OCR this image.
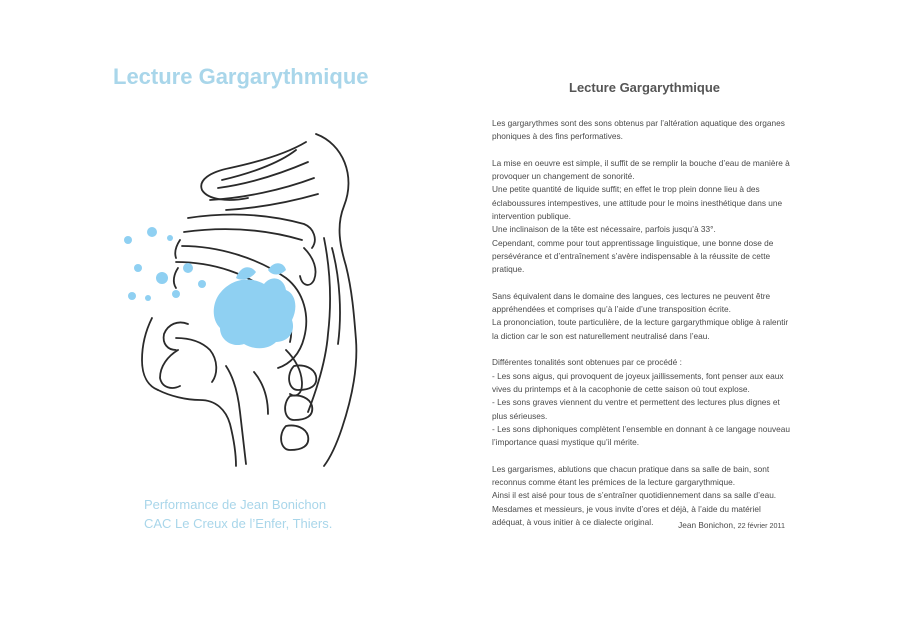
Lecture Gargarythmique
Performance de Jean Bonichon
CAC Le Creux de l’Enfer, Thiers.
Lecture Gargarythmique

Les gargarythmes sont des sons obtenus par l’altération aquatique des organes phoniques à des fins performatives.

La mise en oeuvre est simple, il suffit de se remplir la bouche d’eau de manière à provoquer un changement de sonorité.
Une petite quantité de liquide suffit; en effet le trop plein donne lieu à des éclaboussures intempestives, une attitude pour le moins inesthétique dans une intervention publique.
Une inclinaison de la tête est nécessaire, parfois jusqu’à 33°.
Cependant, comme pour tout apprentissage linguistique, une bonne dose de persévérance et d’entraînement s’avère indispensable à la réussite de cette pratique.

Sans équivalent dans le domaine des langues, ces lectures ne peuvent être appréhendées et comprises qu’à l’aide d’une transposition écrite.
La prononciation, toute particulière, de la lecture gargarythmique oblige à ralentir la diction car le son est naturellement neutralisé dans l’eau.

Différentes tonalités sont obtenues par ce procédé :
- Les sons aigus, qui provoquent de joyeux jaillissements, font penser aux eaux vives du printemps et à la cacophonie de cette saison où tout explose.
- Les sons graves viennent du ventre et permettent des lectures plus dignes et plus sérieuses.
- Les sons diphoniques complètent l’ensemble en donnant à ce langage nouveau l’importance quasi mystique qu’il mérite.

Les gargarismes, ablutions que chacun pratique dans sa salle de bain, sont reconnus comme étant les prémices de la lecture gargarythmique.
Ainsi il est aisé pour tous de s’entraîner quotidiennement dans sa salle d’eau.
Mesdames et messieurs, je vous invite d’ores et déjà, à l’aide du matériel adéquat, à vous initier à ce dialecte original.	Jean Bonichon, 22 février 2011
